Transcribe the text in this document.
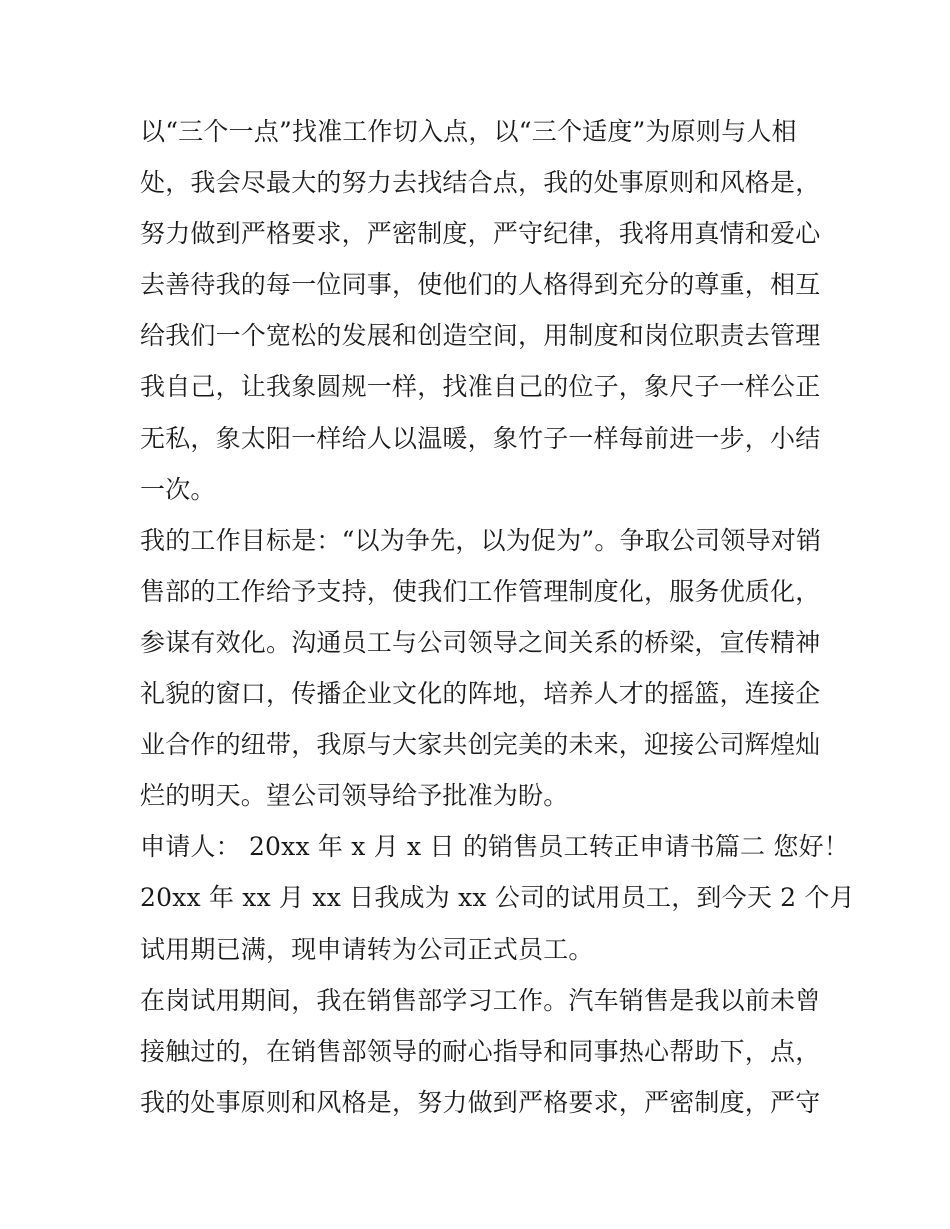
以“三个一点”找准工作切入点，以“三个适度”为原则与人相
处，我会尽最大的努力去找结合点，我的处事原则和风格是，
努力做到严格要求，严密制度，严守纪律，我将用真情和爱心
去善待我的每一位同事，使他们的人格得到充分的尊重，相互
给我们一个宽松的发展和创造空间，用制度和岗位职责去管理
我自己，让我象圆规一样，找准自己的位子，象尺子一样公正
无私，象太阳一样给人以温暖，象竹子一样每前进一步，小结
一次。
我的工作目标是：“以为争先，以为促为”。争取公司领导对销
售部的工作给予支持，使我们工作管理制度化，服务优质化，
参谋有效化。沟通员工与公司领导之间关系的桥梁，宣传精神
礼貌的窗口，传播企业文化的阵地，培养人才的摇篮，连接企
业合作的纽带，我原与大家共创完美的未来，迎接公司辉煌灿
烂的明天。望公司领导给予批准为盼。
申请人： 20xx 年 x 月 x 日 的销售员工转正申请书篇二 您好！
20xx 年 xx 月 xx 日我成为 xx 公司的试用员工，到今天 2 个月
试用期已满，现申请转为公司正式员工。
在岗试用期间，我在销售部学习工作。汽车销售是我以前未曾
接触过的，在销售部领导的耐心指导和同事热心帮助下，点，
我的处事原则和风格是，努力做到严格要求，严密制度，严守
